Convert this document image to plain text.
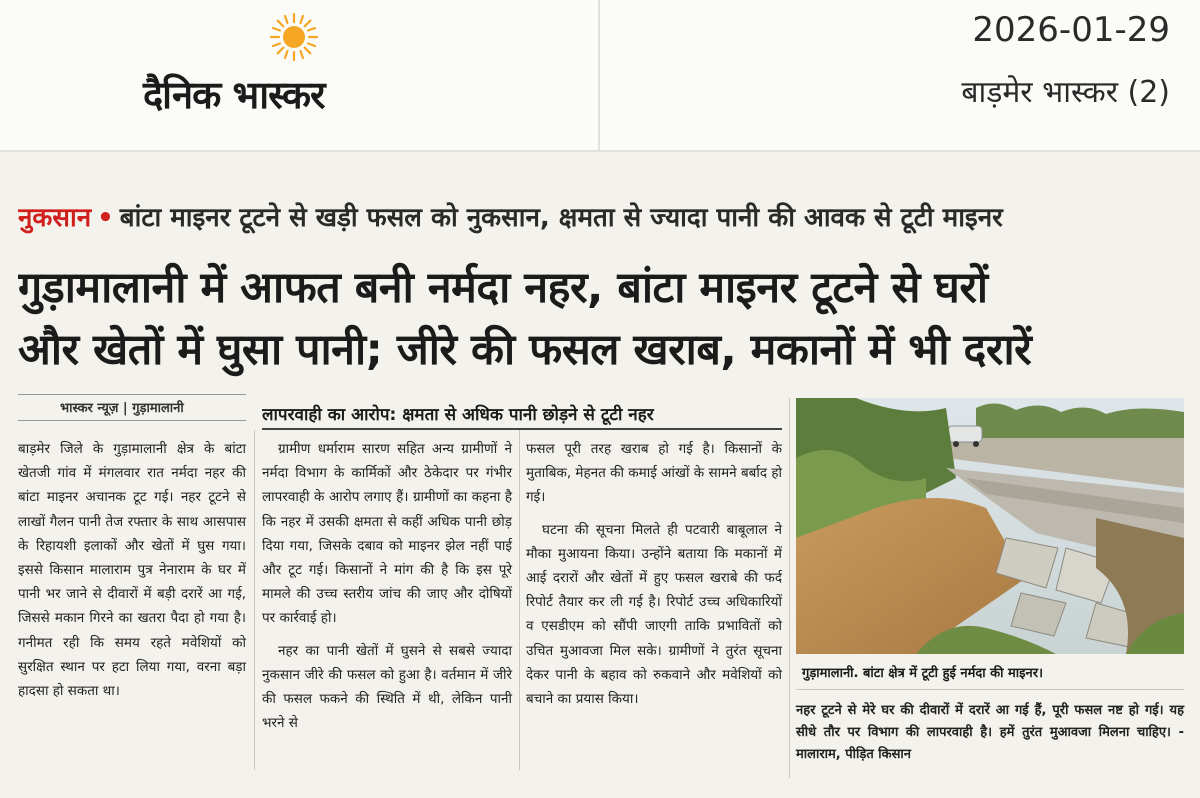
दैनिक भास्कर
2026-01-29
बाड़मेर भास्कर (2)
नुकसान • बांटा माइनर टूटने से खड़ी फसल को नुकसान, क्षमता से ज्यादा पानी की आवक से टूटी माइनर
गुड़ामालानी में आफत बनी नर्मदा नहर, बांटा माइनर टूटने से घरों
और खेतों में घुसा पानी; जीरे की फसल खराब, मकानों में भी दरारें
भास्कर न्यूज़ | गुड़ामालानी	लापरवाही का आरोप: क्षमता से अधिक पानी छोड़ने से टूटी नहर

बाड़मेर जिले के गुड़ामालानी क्षेत्र के बांटा खेतजी गांव में मंगलवार रात नर्मदा नहर की बांटा माइनर अचानक टूट गई। नहर टूटने से लाखों गैलन पानी तेज रफ्तार के साथ आसपास के रिहायशी इलाकों और खेतों में घुस गया। इससे किसान मालाराम पुत्र नेनाराम के घर में पानी भर जाने से दीवारों में बड़ी दरारें आ गई, जिससे मकान गिरने का खतरा पैदा हो गया है। गनीमत रही कि समय रहते मवेशियों को सुरक्षित स्थान पर हटा लिया गया, वरना बड़ा हादसा हो सकता था।

ग्रामीण धर्माराम सारण सहित अन्य ग्रामीणों ने नर्मदा विभाग के कार्मिकों और ठेकेदार पर गंभीर लापरवाही के आरोप लगाए हैं। ग्रामीणों का कहना है कि नहर में उसकी क्षमता से कहीं अधिक पानी छोड़ दिया गया, जिसके दबाव को माइनर झेल नहीं पाई और टूट गई। किसानों ने मांग की है कि इस पूरे मामले की उच्च स्तरीय जांच की जाए और दोषियों पर कार्रवाई हो।

नहर का पानी खेतों में घुसने से सबसे ज्यादा नुकसान जीरे की फसल को हुआ है। वर्तमान में जीरे की फसल फकने की स्थिति में थी, लेकिन पानी भरने से

फसल पूरी तरह खराब हो गई है। किसानों के मुताबिक, मेहनत की कमाई आंखों के सामने बर्बाद हो गई।

घटना की सूचना मिलते ही पटवारी बाबूलाल ने मौका मुआयना किया। उन्होंने बताया कि मकानों में आई दरारों और खेतों में हुए फसल खराबे की फर्द रिपोर्ट तैयार कर ली गई है। रिपोर्ट उच्च अधिकारियों व एसडीएम को सौंपी जाएगी ताकि प्रभावितों को उचित मुआवजा मिल सके। ग्रामीणों ने तुरंत सूचना देकर पानी के बहाव को रुकवाने और मवेशियों को बचाने का प्रयास किया।

गुड़ामालानी. बांटा क्षेत्र में टूटी हुई नर्मदा की माइनर।
नहर टूटने से मेरे घर की दीवारों में दरारें आ गई हैं, पूरी फसल नष्ट हो गई। यह सीधे तौर पर विभाग की लापरवाही है। हमें तुरंत मुआवजा मिलना चाहिए। - मालाराम, पीड़ित किसान
